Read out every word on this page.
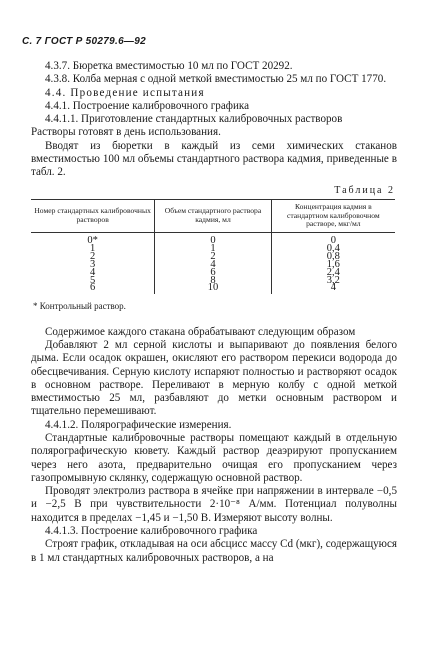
С. 7 ГОСТ Р 50279.6—92

4.3.7. Бюретка вместимостью 10 мл по ГОСТ 20292.

4.3.8. Колба мерная с одной меткой вместимостью 25 мл по ГОСТ 1770.

4.4. Проведение испытания

4.4.1. Построение калибровочного графика

4.4.1.1. Приготовление стандартных калибровочных растворов

Растворы готовят в день использования.

Вводят из бюретки в каждый из семи химических стаканов вместимостью 100 мл объемы стандартного раствора кадмия, приведенные в табл. 2.

Таблица 2
Номер стандартных калибровочных растворов	Объем стандартного раствора кадмия, мл	Концентрация кадмия в стандартном калибровочном растворе, мкг/мл
0*	0	0
1	1	0,4
2	2	0,8
3	4	1,6
4	6	2,4
5	8	3,2
6	10	4
* Контрольный раствор.

Содержимое каждого стакана обрабатывают следующим образом

Добавляют 2 мл серной кислоты и выпаривают до появления белого дыма. Если осадок окрашен, окисляют его раствором перекиси водорода до обесцвечивания. Серную кислоту испаряют полностью и растворяют осадок в основном растворе. Переливают в мерную колбу с одной меткой вместимостью 25 мл, разбавляют до метки основным раствором и тщательно перемешивают.

4.4.1.2. Полярографические измерения.

Стандартные калибровочные растворы помещают каждый в отдельную полярографическую кювету. Каждый раствор деаэрируют пропусканием через него азота, предварительно очищая его пропусканием через газопромывную склянку, содержащую основной раствор.

Проводят электролиз раствора в ячейке при напряжении в интервале −0,5 и −2,5 В при чувствительности 2·10⁻⁸ А/мм. Потенциал полуволны находится в пределах −1,45 и −1,50 В. Измеряют высоту волны.

4.4.1.3. Построение калибровочного графика

Строят график, откладывая на оси абсцисс массу Cd (мкг), содержащуюся в 1 мл стандартных калибровочных растворов, а на
